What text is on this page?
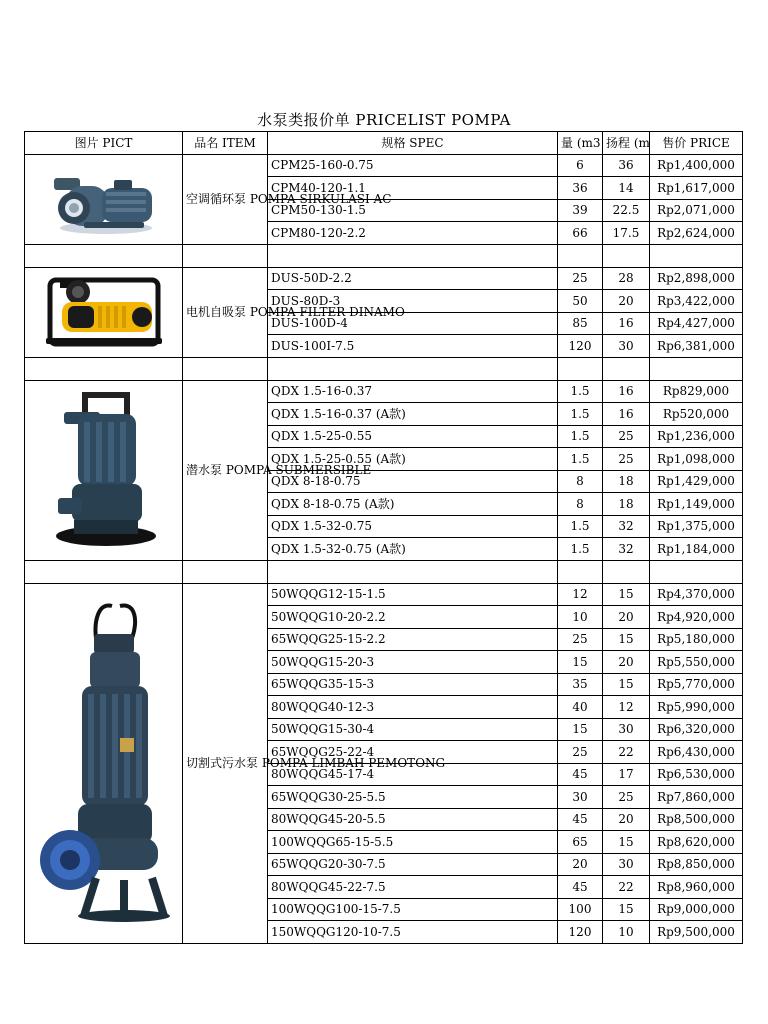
水泵类报价单 PRICELIST POMPA
图片 PICT	品名 ITEM	规格 SPEC	量 (m3	扬程 (m	售价 PRICE

	空调循环泵 POMPA SIRKULASI AC	CPM25-160-0.75	6	36	Rp1,400,000
		CPM40-120-1.1	36	14	Rp1,617,000
		CPM50-130-1.5	39	22.5	Rp2,071,000
		CPM80-120-2.2	66	17.5	Rp2,624,000

	电机自吸泵 POMPA FILTER DINAMO	DUS-50D-2.2	25	28	Rp2,898,000
		DUS-80D-3	50	20	Rp3,422,000
		DUS-100D-4	85	16	Rp4,427,000
		DUS-100I-7.5	120	30	Rp6,381,000

	潜水泵 POMPA SUBMERSIBLE	QDX 1.5-16-0.37	1.5	16	Rp829,000
		QDX 1.5-16-0.37 (A款)	1.5	16	Rp520,000
		QDX 1.5-25-0.55	1.5	25	Rp1,236,000
		QDX 1.5-25-0.55 (A款)	1.5	25	Rp1,098,000
		QDX 8-18-0.75	8	18	Rp1,429,000
		QDX 8-18-0.75 (A款)	8	18	Rp1,149,000
		QDX 1.5-32-0.75	1.5	32	Rp1,375,000
		QDX 1.5-32-0.75 (A款)	1.5	32	Rp1,184,000

	切割式污水泵 POMPA LIMBAH PEMOTONG	50WQQG12-15-1.5	12	15	Rp4,370,000
		50WQQG10-20-2.2	10	20	Rp4,920,000
		65WQQG25-15-2.2	25	15	Rp5,180,000
		50WQQG15-20-3	15	20	Rp5,550,000
		65WQQG35-15-3	35	15	Rp5,770,000
		80WQQG40-12-3	40	12	Rp5,990,000
		50WQQG15-30-4	15	30	Rp6,320,000
		65WQQG25-22-4	25	22	Rp6,430,000
		80WQQG45-17-4	45	17	Rp6,530,000
		65WQQG30-25-5.5	30	25	Rp7,860,000
		80WQQG45-20-5.5	45	20	Rp8,500,000
		100WQQG65-15-5.5	65	15	Rp8,620,000
		65WQQG20-30-7.5	20	30	Rp8,850,000
		80WQQG45-22-7.5	45	22	Rp8,960,000
		100WQQG100-15-7.5	100	15	Rp9,000,000
		150WQQG120-10-7.5	120	10	Rp9,500,000
